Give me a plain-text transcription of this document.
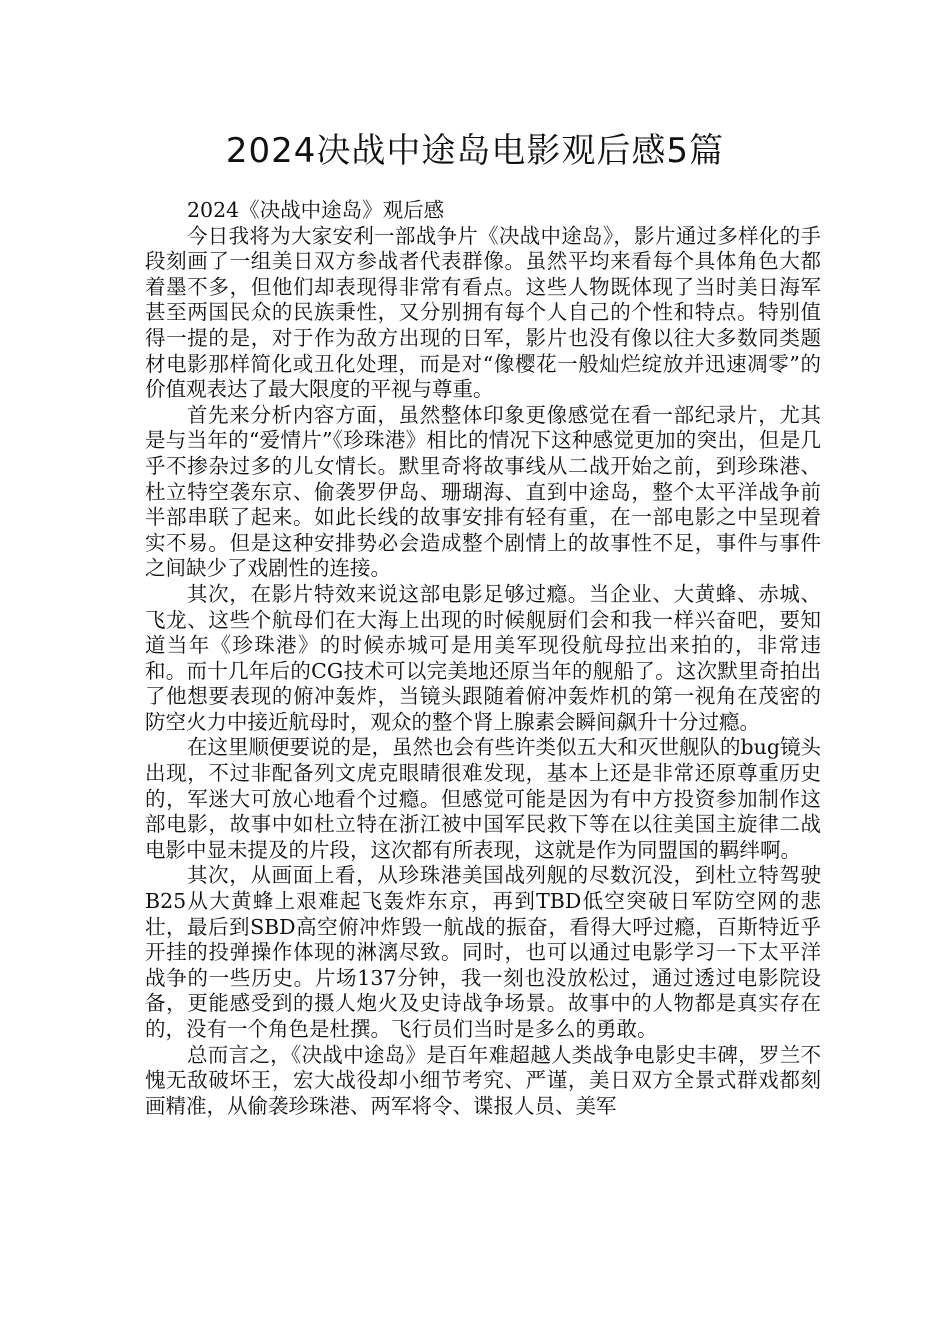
2024决战中途岛电影观后感5篇

2024《决战中途岛》观后感

今日我将为大家安利一部战争片《决战中途岛》，影片通过多样化的手段刻画了一组美日双方参战者代表群像。虽然平均来看每个具体角色大都着墨不多，但他们却表现得非常有看点。这些人物既体现了当时美日海军甚至两国民众的民族秉性，又分别拥有每个人自己的个性和特点。特别值得一提的是，对于作为敌方出现的日军，影片也没有像以往大多数同类题材电影那样简化或丑化处理，而是对“像樱花一般灿烂绽放并迅速凋零”的价值观表达了最大限度的平视与尊重。

首先来分析内容方面，虽然整体印象更像感觉在看一部纪录片，尤其是与当年的“爱情片”《珍珠港》相比的情况下这种感觉更加的突出，但是几乎不掺杂过多的儿女情长。默里奇将故事线从二战开始之前，到珍珠港、杜立特空袭东京、偷袭罗伊岛、珊瑚海、直到中途岛，整个太平洋战争前半部串联了起来。如此长线的故事安排有轻有重，在一部电影之中呈现着实不易。但是这种安排势必会造成整个剧情上的故事性不足，事件与事件之间缺少了戏剧性的连接。

其次，在影片特效来说这部电影足够过瘾。当企业、大黄蜂、赤城、飞龙、这些个航母们在大海上出现的时候舰厨们会和我一样兴奋吧，要知道当年《珍珠港》的时候赤城可是用美军现役航母拉出来拍的，非常违和。而十几年后的CG技术可以完美地还原当年的舰船了。这次默里奇拍出了他想要表现的俯冲轰炸，当镜头跟随着俯冲轰炸机的第一视角在茂密的防空火力中接近航母时，观众的整个肾上腺素会瞬间飙升十分过瘾。

在这里顺便要说的是，虽然也会有些许类似五大和灭世舰队的bug镜头出现，不过非配备列文虎克眼睛很难发现，基本上还是非常还原尊重历史的，军迷大可放心地看个过瘾。但感觉可能是因为有中方投资参加制作这部电影，故事中如杜立特在浙江被中国军民救下等在以往美国主旋律二战电影中显未提及的片段，这次都有所表现，这就是作为同盟国的羁绊啊。

其次，从画面上看，从珍珠港美国战列舰的尽数沉没，到杜立特驾驶B25从大黄蜂上艰难起飞轰炸东京，再到TBD低空突破日军防空网的悲壮，最后到SBD高空俯冲炸毁一航战的振奋，看得大呼过瘾，百斯特近乎开挂的投弹操作体现的淋漓尽致。同时，也可以通过电影学习一下太平洋战争的一些历史。片场137分钟，我一刻也没放松过，通过透过电影院设备，更能感受到的摄人炮火及史诗战争场景。故事中的人物都是真实存在的，没有一个角色是杜撰。飞行员们当时是多么的勇敢。

总而言之，《决战中途岛》是百年难超越人类战争电影史丰碑，罗兰不愧无敌破坏王，宏大战役却小细节考究、严谨，美日双方全景式群戏都刻画精准，从偷袭珍珠港、两军将令、谍报人员、美军
